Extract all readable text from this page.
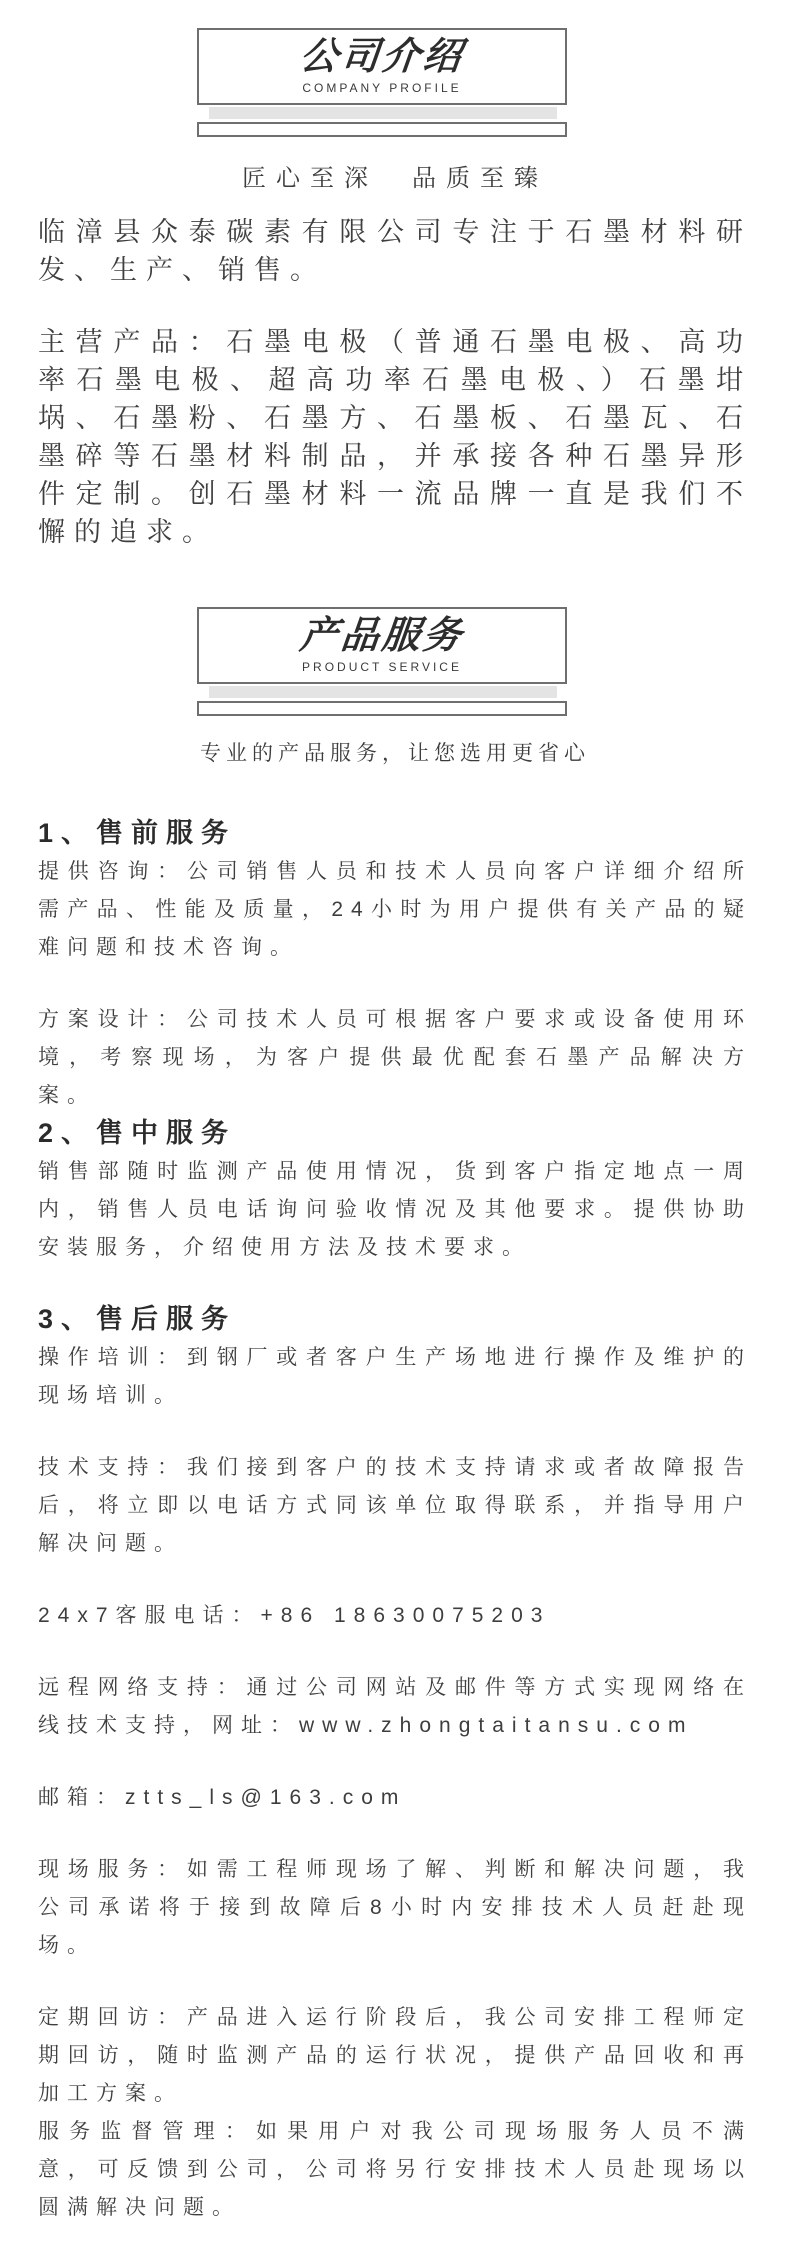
公司介绍
COMPANY PROFILE
匠心至深　品质至臻

临漳县众泰碳素有限公司专注于石墨材料研发、生产、销售。

主营产品：石墨电极（普通石墨电极、高功率石墨电极、超高功率石墨电极、）石墨坩埚、石墨粉、石墨方、石墨板、石墨瓦、石墨碎等石墨材料制品，并承接各种石墨异形件定制。创石墨材料一流品牌一直是我们不懈的追求。

产品服务
PRODUCT SERVICE
专业的产品服务，让您选用更省心
1、售前服务

提供咨询：公司销售人员和技术人员向客户详细介绍所需产品、性能及质量，24小时为用户提供有关产品的疑难问题和技术咨询。

方案设计：公司技术人员可根据客户要求或设备使用环境，考察现场，为客户提供最优配套石墨产品解决方案。

2、售中服务

销售部随时监测产品使用情况，货到客户指定地点一周内，销售人员电话询问验收情况及其他要求。提供协助安装服务，介绍使用方法及技术要求。

3、售后服务

操作培训：到钢厂或者客户生产场地进行操作及维护的现场培训。

技术支持：我们接到客户的技术支持请求或者故障报告后，将立即以电话方式同该单位取得联系，并指导用户解决问题。

24x7客服电话：+86 18630075203

远程网络支持：通过公司网站及邮件等方式实现网络在线技术支持，网址：www.zhongtaitansu.com

邮箱：ztts_ls@163.com

现场服务：如需工程师现场了解、判断和解决问题，我公司承诺将于接到故障后8小时内安排技术人员赶赴现场。

定期回访：产品进入运行阶段后，我公司安排工程师定期回访，随时监测产品的运行状况，提供产品回收和再加工方案。

服务监督管理：如果用户对我公司现场服务人员不满意，可反馈到公司，公司将另行安排技术人员赴现场以圆满解决问题。
